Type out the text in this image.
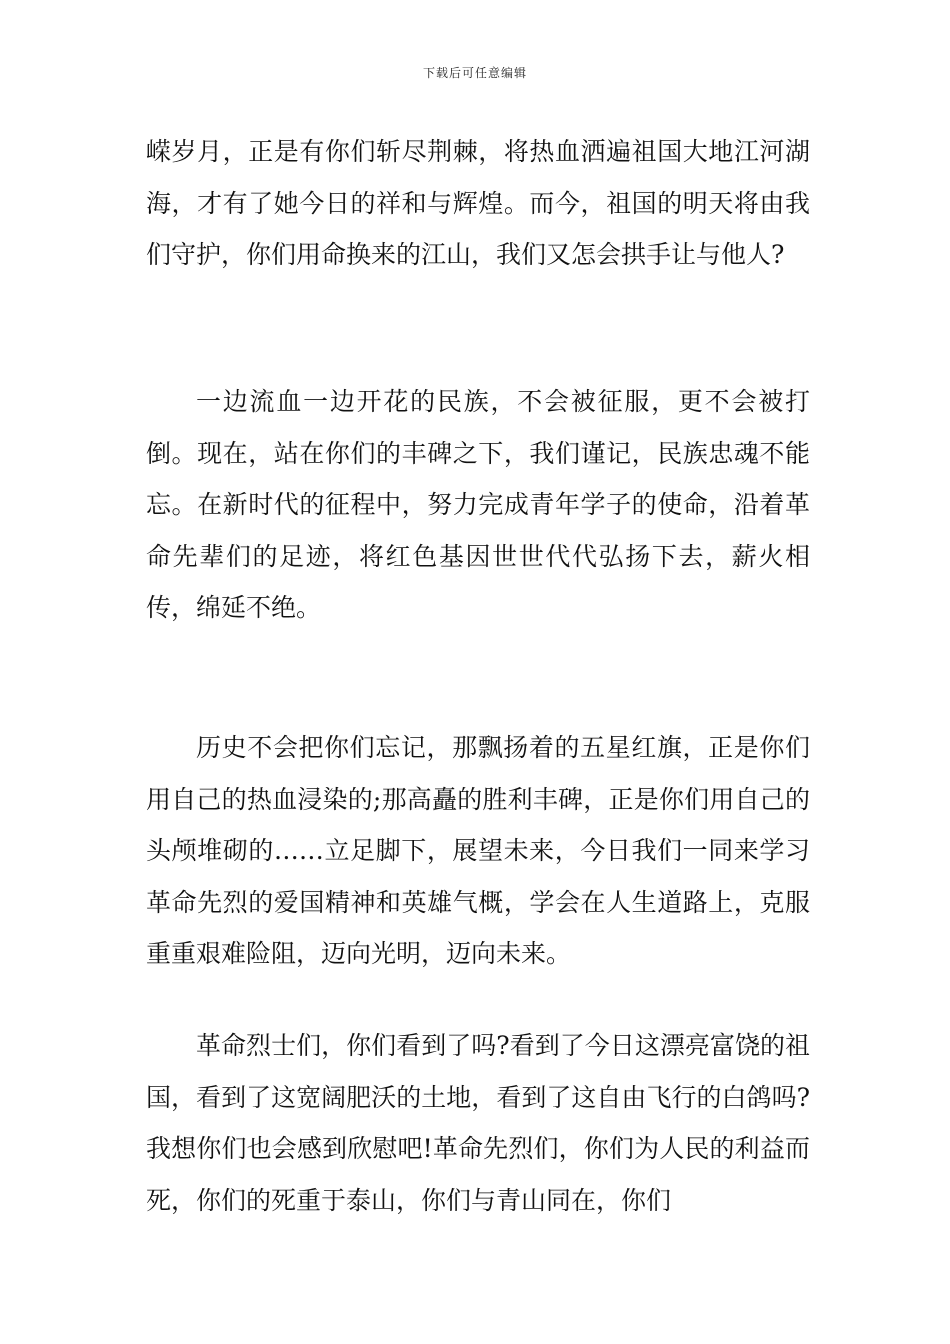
下载后可任意编辑

嵘岁月，正是有你们斩尽荆棘，将热血洒遍祖国大地江河湖海，才有了她今日的祥和与辉煌。而今，祖国的明天将由我们守护，你们用命换来的江山，我们又怎会拱手让与他人?

一边流血一边开花的民族，不会被征服，更不会被打倒。现在，站在你们的丰碑之下，我们谨记，民族忠魂不能忘。在新时代的征程中，努力完成青年学子的使命，沿着革命先辈们的足迹，将红色基因世世代代弘扬下去，薪火相传，绵延不绝。

历史不会把你们忘记，那飘扬着的五星红旗，正是你们用自己的热血浸染的;那高矗的胜利丰碑，正是你们用自己的头颅堆砌的……立足脚下，展望未来，今日我们一同来学习革命先烈的爱国精神和英雄气概，学会在人生道路上，克服重重艰难险阻，迈向光明，迈向未来。

革命烈士们，你们看到了吗?看到了今日这漂亮富饶的祖国，看到了这宽阔肥沃的土地，看到了这自由飞行的白鸽吗?我想你们也会感到欣慰吧!革命先烈们，你们为人民的利益而死，你们的死重于泰山，你们与青山同在，你们
